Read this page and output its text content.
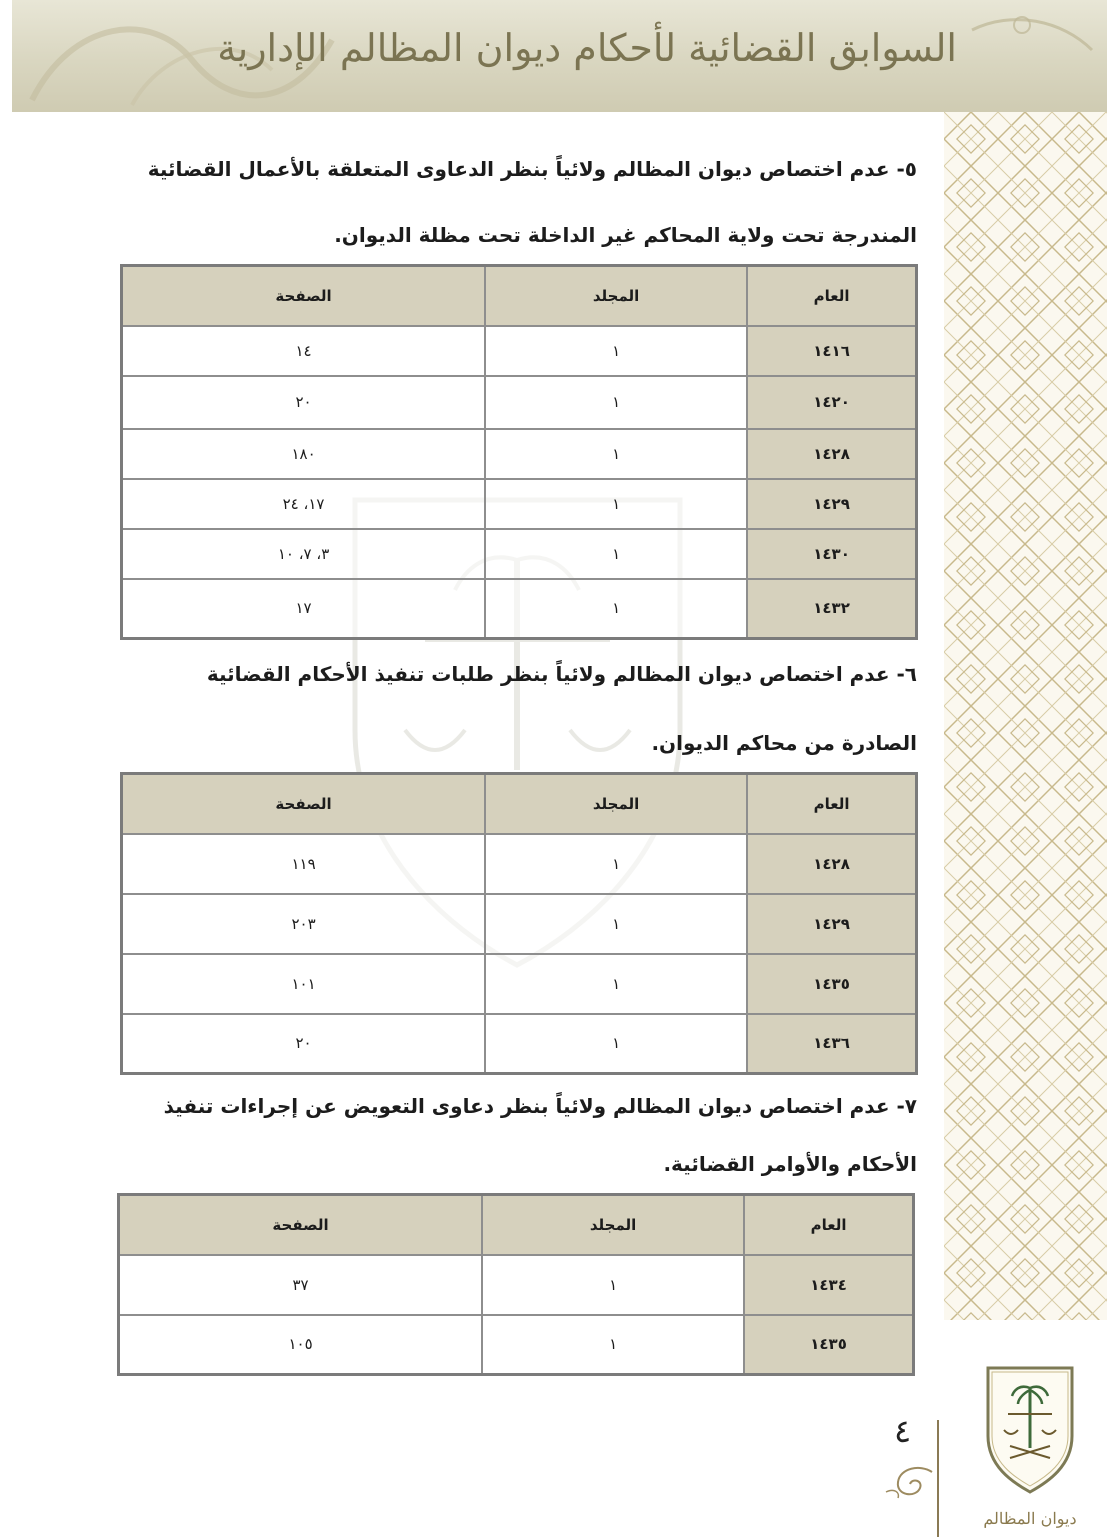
السوابق القضائية لأحكام ديوان المظالم الإدارية
٥- عدم اختصاص ديوان المظالم ولائياً بنظر الدعاوى المتعلقة بالأعمال القضائية
المندرجة تحت ولاية المحاكم غير الداخلة تحت مظلة الديوان.
العام	المجلد	الصفحة
١٤١٦	١	١٤
١٤٢٠	١	٢٠
١٤٢٨	١	١٨٠
١٤٢٩	١	١٧، ٢٤
١٤٣٠	١	٣، ٧، ١٠
١٤٣٢	١	١٧
٦- عدم اختصاص ديوان المظالم ولائياً بنظر طلبات تنفيذ الأحكام القضائية
الصادرة من محاكم الديوان.
العام	المجلد	الصفحة
١٤٢٨	١	١١٩
١٤٢٩	١	٢٠٣
١٤٣٥	١	١٠١
١٤٣٦	١	٢٠
٧- عدم اختصاص ديوان المظالم ولائياً بنظر دعاوى التعويض عن إجراءات تنفيذ
الأحكام والأوامر القضائية.
العام	المجلد	الصفحة
١٤٣٤	١	٣٧
١٤٣٥	١	١٠٥
٤
ديوان المظالم
